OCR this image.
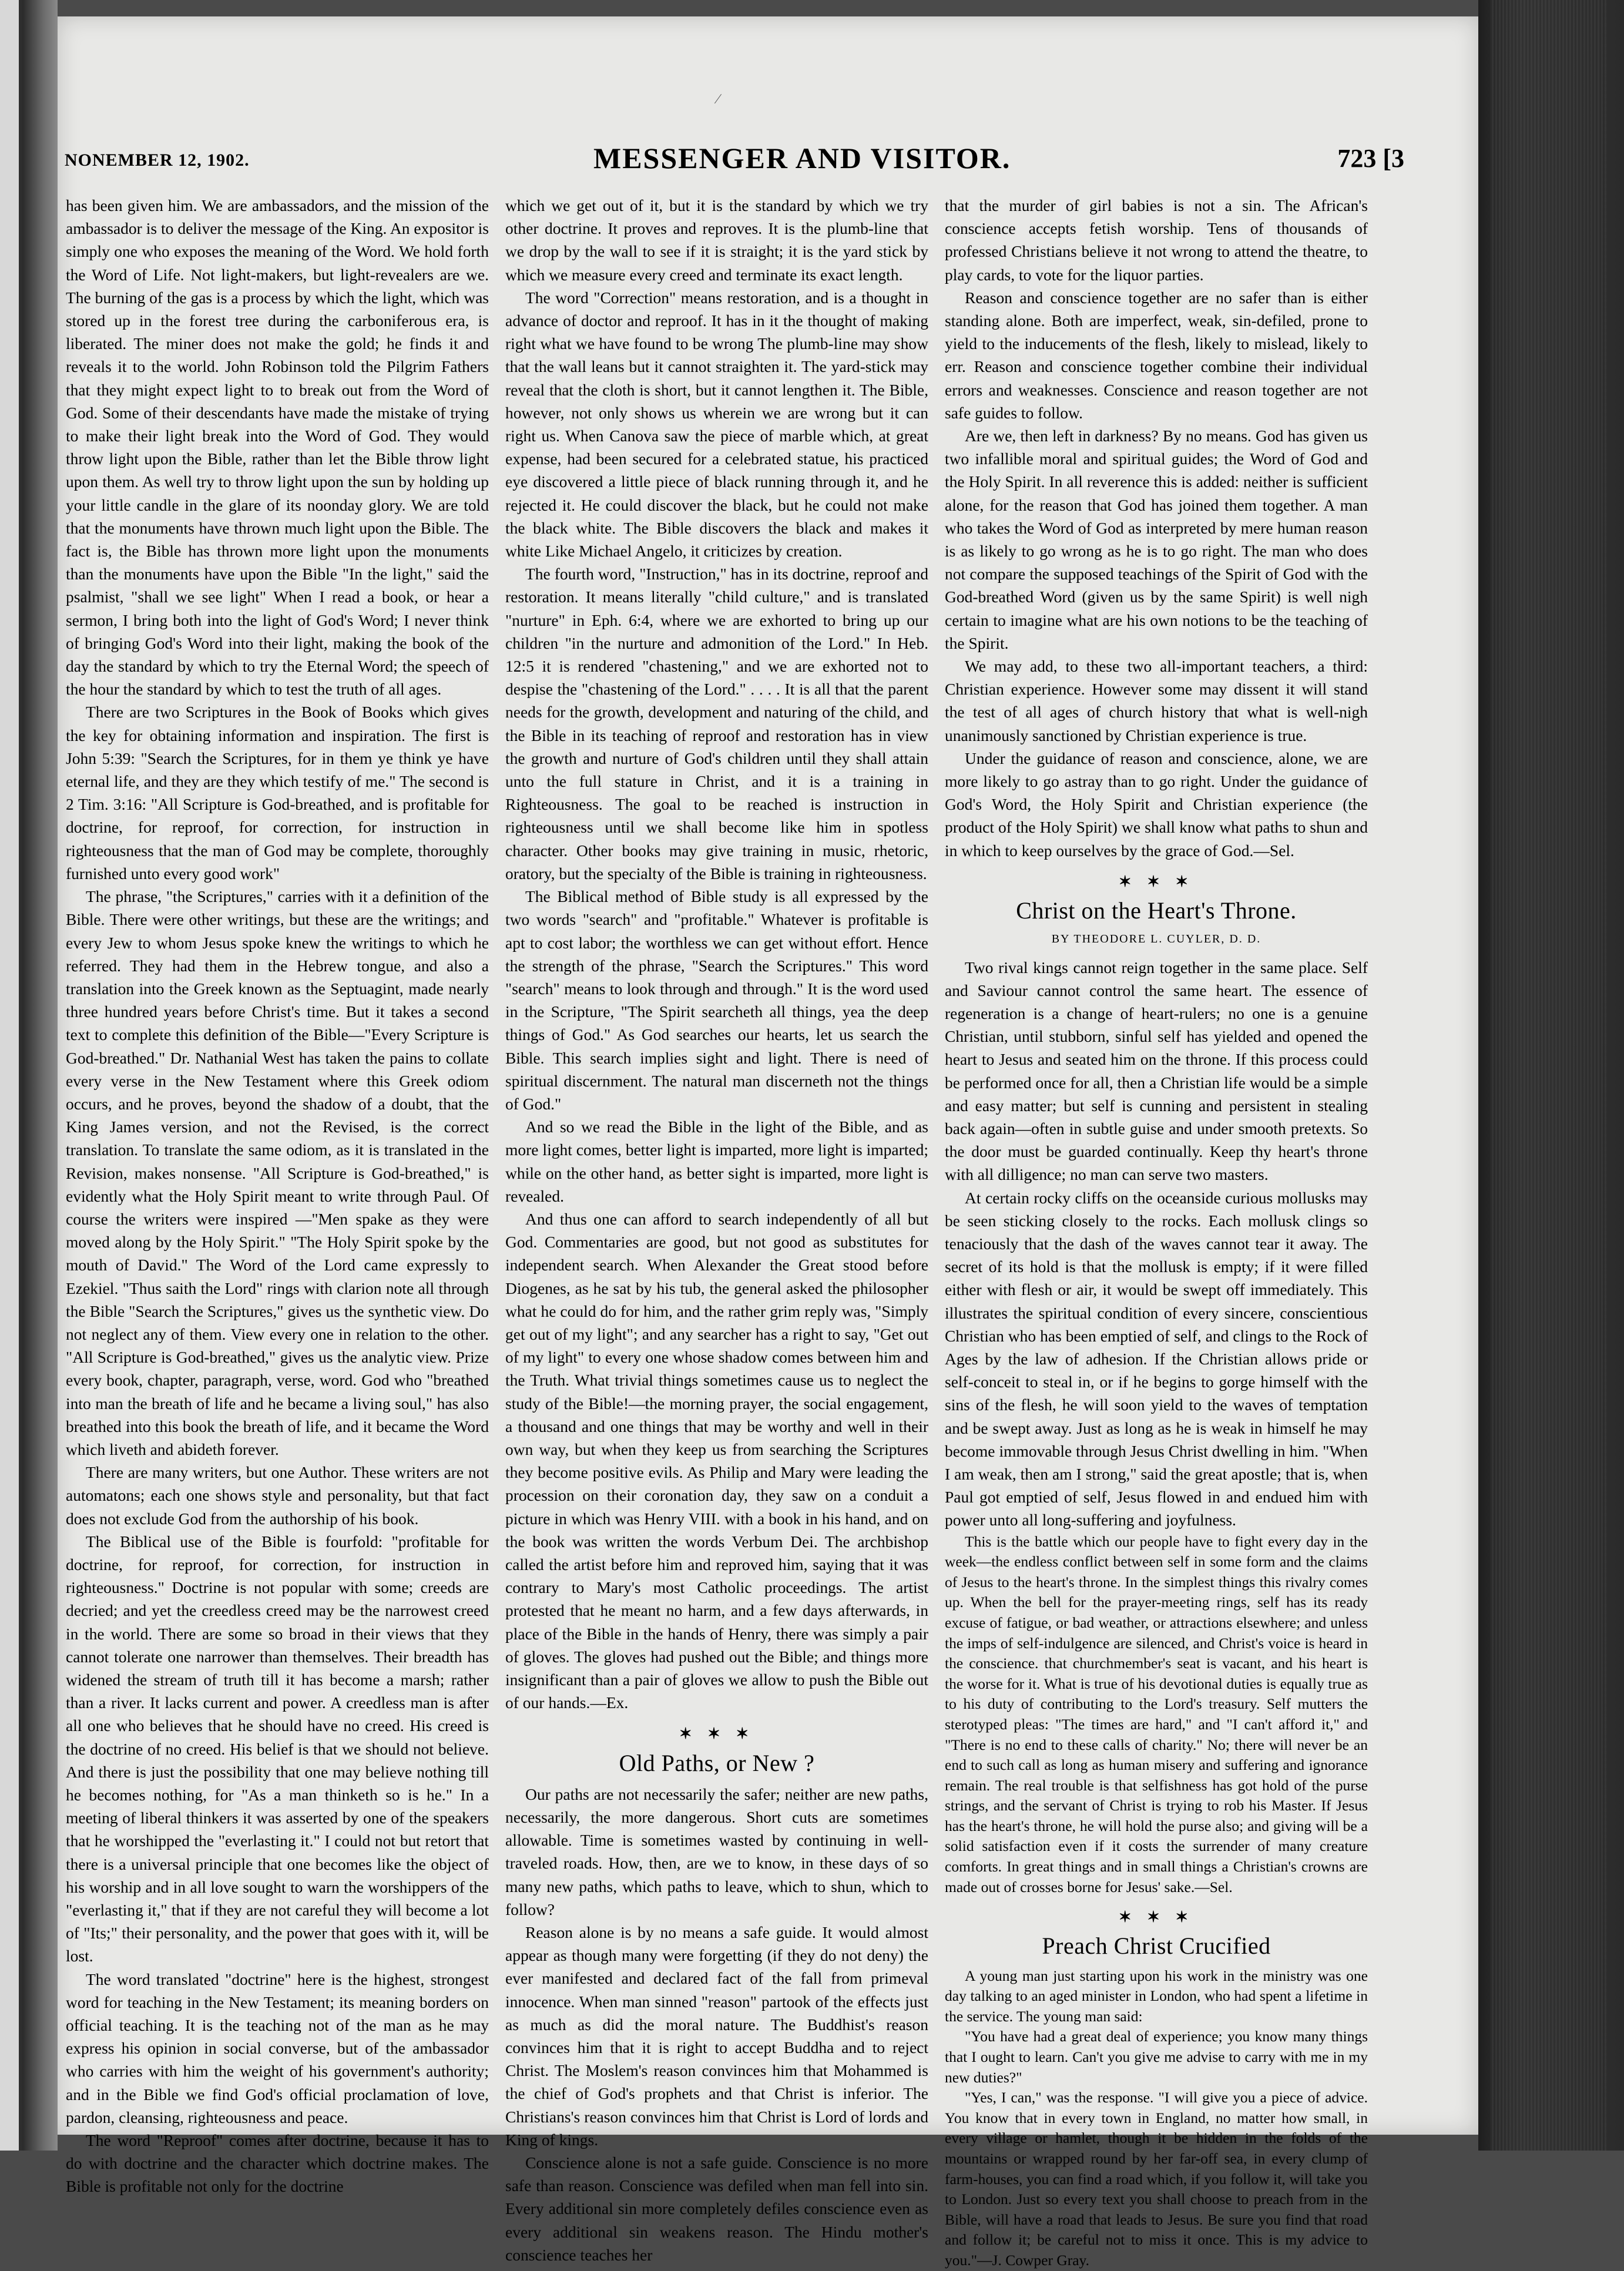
∕
NONEMBER 12, 1902.	MESSENGER AND VISITOR.	723 [3

has been given him. We are ambassadors, and the mission of the ambassador is to deliver the message of the King. An expositor is simply one who exposes the meaning of the Word. We hold forth the Word of Life. Not light-makers, but light-revealers are we. The burning of the gas is a process by which the light, which was stored up in the forest tree during the carboniferous era, is liberated. The miner does not make the gold; he finds it and reveals it to the world. John Robinson told the Pilgrim Fathers that they might expect light to to break out from the Word of God. Some of their descendants have made the mistake of trying to make their light break into the Word of God. They would throw light upon the Bible, rather than let the Bible throw light upon them. As well try to throw light upon the sun by holding up your little candle in the glare of its noonday glory. We are told that the monuments have thrown much light upon the Bible. The fact is, the Bible has thrown more light upon the monuments than the monuments have upon the Bible "In the light," said the psalmist, "shall we see light" When I read a book, or hear a sermon, I bring both into the light of God's Word; I never think of bringing God's Word into their light, making the book of the day the standard by which to try the Eternal Word; the speech of the hour the standard by which to test the truth of all ages.

There are two Scriptures in the Book of Books which gives the key for obtaining information and inspiration. The first is John 5:39: "Search the Scriptures, for in them ye think ye have eternal life, and they are they which testify of me." The second is 2 Tim. 3:16: "All Scripture is God-breathed, and is profitable for doctrine, for reproof, for correction, for instruction in righteousness that the man of God may be complete, thoroughly furnished unto every good work"

The phrase, "the Scriptures," carries with it a definition of the Bible. There were other writings, but these are the writings; and every Jew to whom Jesus spoke knew the writings to which he referred. They had them in the Hebrew tongue, and also a translation into the Greek known as the Septuagint, made nearly three hundred years before Christ's time. But it takes a second text to complete this definition of the Bible—"Every Scripture is God-breathed." Dr. Nathanial West has taken the pains to collate every verse in the New Testament where this Greek odiom occurs, and he proves, beyond the shadow of a doubt, that the King James version, and not the Revised, is the correct translation. To translate the same odiom, as it is translated in the Revision, makes nonsense. "All Scripture is God-breathed," is evidently what the Holy Spirit meant to write through Paul. Of course the writers were inspired —"Men spake as they were moved along by the Holy Spirit." "The Holy Spirit spoke by the mouth of David." The Word of the Lord came expressly to Ezekiel. "Thus saith the Lord" rings with clarion note all through the Bible "Search the Scriptures," gives us the synthetic view. Do not neglect any of them. View every one in relation to the other. "All Scripture is God-breathed," gives us the analytic view. Prize every book, chapter, paragraph, verse, word. God who "breathed into man the breath of life and he became a living soul," has also breathed into this book the breath of life, and it became the Word which liveth and abideth forever.

There are many writers, but one Author. These writers are not automatons; each one shows style and personality, but that fact does not exclude God from the authorship of his book.

The Biblical use of the Bible is fourfold: "profitable for doctrine, for reproof, for correction, for instruction in righteousness." Doctrine is not popular with some; creeds are decried; and yet the creedless creed may be the narrowest creed in the world. There are some so broad in their views that they cannot tolerate one narrower than themselves. Their breadth has widened the stream of truth till it has become a marsh; rather than a river. It lacks current and power. A creedless man is after all one who believes that he should have no creed. His creed is the doctrine of no creed. His belief is that we should not believe. And there is just the possibility that one may believe nothing till he becomes nothing, for "As a man thinketh so is he." In a meeting of liberal thinkers it was asserted by one of the speakers that he worshipped the "everlasting it." I could not but retort that there is a universal principle that one becomes like the object of his worship and in all love sought to warn the worshippers of the "everlasting it," that if they are not careful they will become a lot of "Its;" their personality, and the power that goes with it, will be lost.

The word translated "doctrine" here is the highest, strongest word for teaching in the New Testament; its meaning borders on official teaching. It is the teaching not of the man as he may express his opinion in social converse, but of the ambassador who carries with him the weight of his government's authority; and in the Bible we find God's official proclamation of love, pardon, cleansing, righteousness and peace.

The word "Reproof" comes after doctrine, because it has to do with doctrine and the character which doctrine makes. The Bible is profitable not only for the doctrine

which we get out of it, but it is the standard by which we try other doctrine. It proves and reproves. It is the plumb-line that we drop by the wall to see if it is straight; it is the yard stick by which we measure every creed and terminate its exact length.

The word "Correction" means restoration, and is a thought in advance of doctor and reproof. It has in it the thought of making right what we have found to be wrong The plumb-line may show that the wall leans but it cannot straighten it. The yard-stick may reveal that the cloth is short, but it cannot lengthen it. The Bible, however, not only shows us wherein we are wrong but it can right us. When Canova saw the piece of marble which, at great expense, had been secured for a celebrated statue, his practiced eye discovered a little piece of black running through it, and he rejected it. He could discover the black, but he could not make the black white. The Bible discovers the black and makes it white Like Michael Angelo, it criticizes by creation.

The fourth word, "Instruction," has in its doctrine, reproof and restoration. It means literally "child culture," and is translated "nurture" in Eph. 6:4, where we are exhorted to bring up our children "in the nurture and admonition of the Lord." In Heb. 12:5 it is rendered "chastening," and we are exhorted not to despise the "chastening of the Lord." . . . . It is all that the parent needs for the growth, development and naturing of the child, and the Bible in its teaching of reproof and restoration has in view the growth and nurture of God's children until they shall attain unto the full stature in Christ, and it is a training in Righteousness. The goal to be reached is instruction in righteousness until we shall become like him in spotless character. Other books may give training in music, rhetoric, oratory, but the specialty of the Bible is training in righteousness.

The Biblical method of Bible study is all expressed by the two words "search" and "profitable." Whatever is profitable is apt to cost labor; the worthless we can get without effort. Hence the strength of the phrase, "Search the Scriptures." This word "search" means to look through and through." It is the word used in the Scripture, "The Spirit searcheth all things, yea the deep things of God." As God searches our hearts, let us search the Bible. This search implies sight and light. There is need of spiritual discernment. The natural man discerneth not the things of God."

And so we read the Bible in the light of the Bible, and as more light comes, better light is imparted, more light is imparted; while on the other hand, as better sight is imparted, more light is revealed.

And thus one can afford to search independently of all but God. Commentaries are good, but not good as substitutes for independent search. When Alexander the Great stood before Diogenes, as he sat by his tub, the general asked the philosopher what he could do for him, and the rather grim reply was, "Simply get out of my light"; and any searcher has a right to say, "Get out of my light" to every one whose shadow comes between him and the Truth. What trivial things sometimes cause us to neglect the study of the Bible!—the morning prayer, the social engagement, a thousand and one things that may be worthy and well in their own way, but when they keep us from searching the Scriptures they become positive evils. As Philip and Mary were leading the procession on their coronation day, they saw on a conduit a picture in which was Henry VIII. with a book in his hand, and on the book was written the words Verbum Dei. The archbishop called the artist before him and reproved him, saying that it was contrary to Mary's most Catholic proceedings. The artist protested that he meant no harm, and a few days afterwards, in place of the Bible in the hands of Henry, there was simply a pair of gloves. The gloves had pushed out the Bible; and things more insignificant than a pair of gloves we allow to push the Bible out of our hands.—Ex.

✶ ✶ ✶
Old Paths, or New ?

Our paths are not necessarily the safer; neither are new paths, necessarily, the more dangerous. Short cuts are sometimes allowable. Time is sometimes wasted by continuing in well-traveled roads. How, then, are we to know, in these days of so many new paths, which paths to leave, which to shun, which to follow?

Reason alone is by no means a safe guide. It would almost appear as though many were forgetting (if they do not deny) the ever manifested and declared fact of the fall from primeval innocence. When man sinned "reason" partook of the effects just as much as did the moral nature. The Buddhist's reason convinces him that it is right to accept Buddha and to reject Christ. The Moslem's reason convinces him that Mohammed is the chief of God's prophets and that Christ is inferior. The Christians's reason convinces him that Christ is Lord of lords and King of kings.

Conscience alone is not a safe guide. Conscience is no more safe than reason. Conscience was defiled when man fell into sin. Every additional sin more completely defiles conscience even as every additional sin weakens reason. The Hindu mother's conscience teaches her

that the murder of girl babies is not a sin. The African's conscience accepts fetish worship. Tens of thousands of professed Christians believe it not wrong to attend the theatre, to play cards, to vote for the liquor parties.

Reason and conscience together are no safer than is either standing alone. Both are imperfect, weak, sin-defiled, prone to yield to the inducements of the flesh, likely to mislead, likely to err. Reason and conscience together combine their individual errors and weaknesses. Conscience and reason together are not safe guides to follow.

Are we, then left in darkness? By no means. God has given us two infallible moral and spiritual guides; the Word of God and the Holy Spirit. In all reverence this is added: neither is sufficient alone, for the reason that God has joined them together. A man who takes the Word of God as interpreted by mere human reason is as likely to go wrong as he is to go right. The man who does not compare the supposed teachings of the Spirit of God with the God-breathed Word (given us by the same Spirit) is well nigh certain to imagine what are his own notions to be the teaching of the Spirit.

We may add, to these two all-important teachers, a third: Christian experience. However some may dissent it will stand the test of all ages of church history that what is well-nigh unanimously sanctioned by Christian experience is true.

Under the guidance of reason and conscience, alone, we are more likely to go astray than to go right. Under the guidance of God's Word, the Holy Spirit and Christian experience (the product of the Holy Spirit) we shall know what paths to shun and in which to keep ourselves by the grace of God.—Sel.

✶ ✶ ✶
Christ on the Heart's Throne.
BY THEODORE L. CUYLER, D. D.

Two rival kings cannot reign together in the same place. Self and Saviour cannot control the same heart. The essence of regeneration is a change of heart-rulers; no one is a genuine Christian, until stubborn, sinful self has yielded and opened the heart to Jesus and seated him on the throne. If this process could be performed once for all, then a Christian life would be a simple and easy matter; but self is cunning and persistent in stealing back again—often in subtle guise and under smooth pretexts. So the door must be guarded continually. Keep thy heart's throne with all dilligence; no man can serve two masters.

At certain rocky cliffs on the oceanside curious mollusks may be seen sticking closely to the rocks. Each mollusk clings so tenaciously that the dash of the waves cannot tear it away. The secret of its hold is that the mollusk is empty; if it were filled either with flesh or air, it would be swept off immediately. This illustrates the spiritual condition of every sincere, conscientious Christian who has been emptied of self, and clings to the Rock of Ages by the law of adhesion. If the Christian allows pride or self-conceit to steal in, or if he begins to gorge himself with the sins of the flesh, he will soon yield to the waves of temptation and be swept away. Just as long as he is weak in himself he may become immovable through Jesus Christ dwelling in him. "When I am weak, then am I strong," said the great apostle; that is, when Paul got emptied of self, Jesus flowed in and endued him with power unto all long-suffering and joyfulness.

This is the battle which our people have to fight every day in the week—the endless conflict between self in some form and the claims of Jesus to the heart's throne. In the simplest things this rivalry comes up. When the bell for the prayer-meeting rings, self has its ready excuse of fatigue, or bad weather, or attractions elsewhere; and unless the imps of self-indulgence are silenced, and Christ's voice is heard in the conscience. that churchmember's seat is vacant, and his heart is the worse for it. What is true of his devotional duties is equally true as to his duty of contributing to the Lord's treasury. Self mutters the sterotyped pleas: "The times are hard," and "I can't afford it," and "There is no end to these calls of charity." No; there will never be an end to such call as long as human misery and suffering and ignorance remain. The real trouble is that selfishness has got hold of the purse strings, and the servant of Christ is trying to rob his Master. If Jesus has the heart's throne, he will hold the purse also; and giving will be a solid satisfaction even if it costs the surrender of many creature comforts. In great things and in small things a Christian's crowns are made out of crosses borne for Jesus' sake.—Sel.

✶ ✶ ✶
Preach Christ Crucified

A young man just starting upon his work in the ministry was one day talking to an aged minister in London, who had spent a lifetime in the service. The young man said:

"You have had a great deal of experience; you know many things that I ought to learn. Can't you give me advise to carry with me in my new duties?"

"Yes, I can," was the response. "I will give you a piece of advice. You know that in every town in England, no matter how small, in every village or hamlet, though it be hidden in the folds of the mountains or wrapped round by her far-off sea, in every clump of farm-houses, you can find a road which, if you follow it, will take you to London. Just so every text you shall choose to preach from in the Bible, will have a road that leads to Jesus. Be sure you find that road and follow it; be careful not to miss it once. This is my advice to you."—J. Cowper Gray.
